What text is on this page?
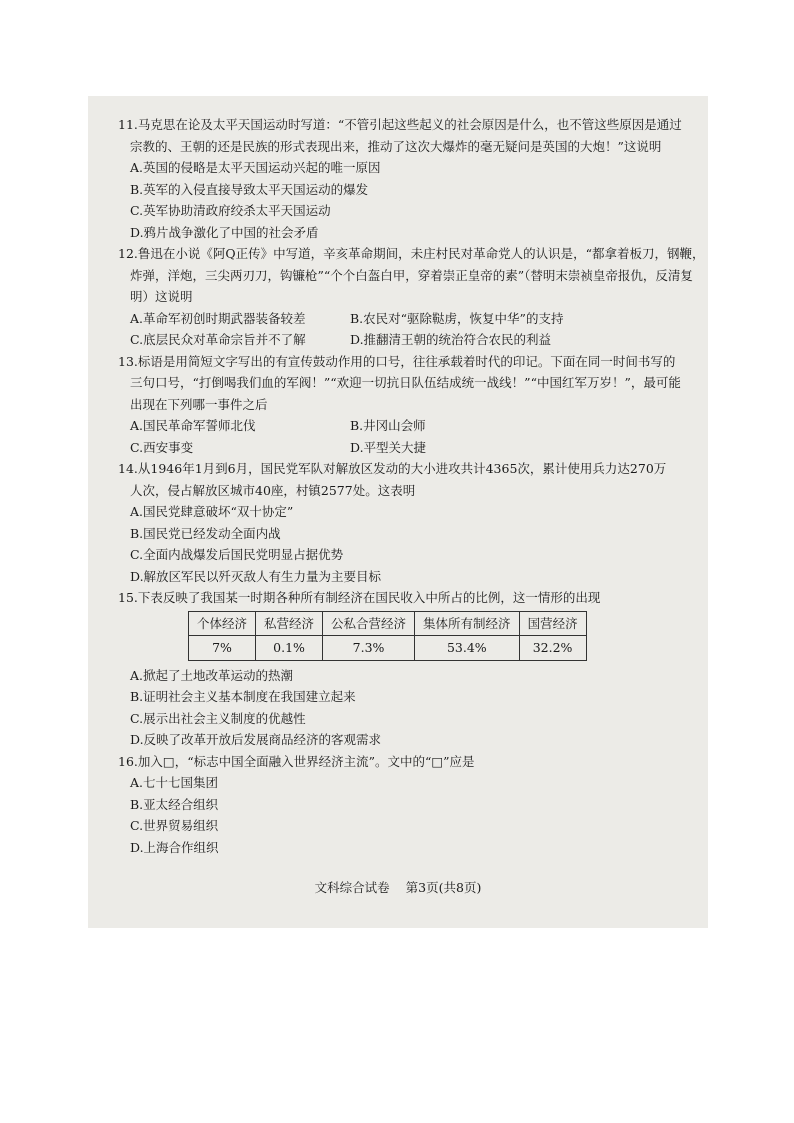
11.马克思在论及太平天国运动时写道：“不管引起这些起义的社会原因是什么，也不管这些原因是通过
宗教的、王朝的还是民族的形式表现出来，推动了这次大爆炸的毫无疑问是英国的大炮！”这说明
A.英国的侵略是太平天国运动兴起的唯一原因
B.英军的入侵直接导致太平天国运动的爆发
C.英军协助清政府绞杀太平天国运动
D.鸦片战争激化了中国的社会矛盾
12.鲁迅在小说《阿Q正传》中写道，辛亥革命期间，未庄村民对革命党人的认识是，“都拿着板刀，钢鞭，
炸弹，洋炮，三尖两刃刀，钩镰枪”“个个白盔白甲，穿着崇正皇帝的素”（替明末崇祯皇帝报仇，反清复
明）这说明
A.革命军初创时期武器装备较差	B.农民对“驱除鞑虏，恢复中华”的支持
C.底层民众对革命宗旨并不了解	D.推翻清王朝的统治符合农民的利益
13.标语是用简短文字写出的有宣传鼓动作用的口号，往往承载着时代的印记。下面在同一时间书写的
三句口号，“打倒喝我们血的军阀！”“欢迎一切抗日队伍结成统一战线！”“中国红军万岁！”，最可能
出现在下列哪一事件之后
A.国民革命军誓师北伐	B.井冈山会师
C.西安事变	D.平型关大捷
14.从1946年1月到6月，国民党军队对解放区发动的大小进攻共计4365次，累计使用兵力达270万
人次，侵占解放区城市40座，村镇2577处。这表明
A.国民党肆意破坏“双十协定”
B.国民党已经发动全面内战
C.全面内战爆发后国民党明显占据优势
D.解放区军民以歼灭敌人有生力量为主要目标
15.下表反映了我国某一时期各种所有制经济在国民收入中所占的比例，这一情形的出现
个体经济	私营经济	公私合营经济	集体所有制经济	国营经济
7%	0.1%	7.3%	53.4%	32.2%
A.掀起了土地改革运动的热潮
B.证明社会主义基本制度在我国建立起来
C.展示出社会主义制度的优越性
D.反映了改革开放后发展商品经济的客观需求
16.加入□，“标志中国全面融入世界经济主流”。文中的“□”应是
A.七十七国集团
B.亚太经合组织
C.世界贸易组织
D.上海合作组织
文科综合试卷 第3页(共8页)
